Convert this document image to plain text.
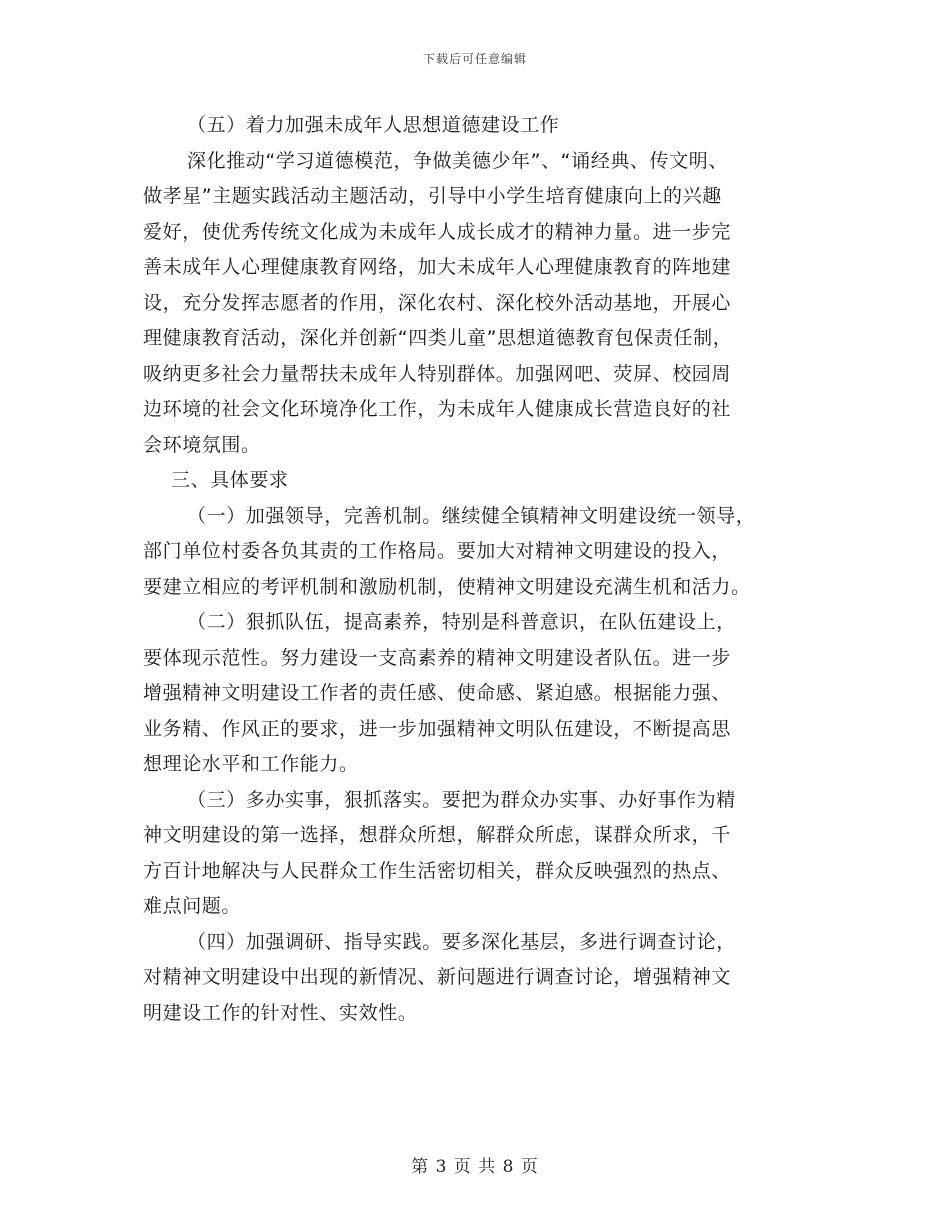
下载后可任意编辑
（五）着力加强未成年人思想道德建设工作
深化推动“学习道德模范，争做美德少年”、“诵经典、传文明、
做孝星”主题实践活动主题活动，引导中小学生培育健康向上的兴趣
爱好，使优秀传统文化成为未成年人成长成才的精神力量。进一步完
善未成年人心理健康教育网络，加大未成年人心理健康教育的阵地建
设，充分发挥志愿者的作用，深化农村、深化校外活动基地，开展心
理健康教育活动，深化并创新“四类儿童”思想道德教育包保责任制，
吸纳更多社会力量帮扶未成年人特别群体。加强网吧、荧屏、校园周
边环境的社会文化环境净化工作，为未成年人健康成长营造良好的社
会环境氛围。
三、具体要求
（一）加强领导，完善机制。继续健全镇精神文明建设统一领导，
部门单位村委各负其责的工作格局。要加大对精神文明建设的投入，
要建立相应的考评机制和激励机制，使精神文明建设充满生机和活力。
（二）狠抓队伍，提高素养，特别是科普意识，在队伍建设上，
要体现示范性。努力建设一支高素养的精神文明建设者队伍。进一步
增强精神文明建设工作者的责任感、使命感、紧迫感。根据能力强、
业务精、作风正的要求，进一步加强精神文明队伍建设，不断提高思
想理论水平和工作能力。
（三）多办实事，狠抓落实。要把为群众办实事、办好事作为精
神文明建设的第一选择，想群众所想，解群众所虑，谋群众所求，千
方百计地解决与人民群众工作生活密切相关，群众反映强烈的热点、
难点问题。
（四）加强调研、指导实践。要多深化基层，多进行调查讨论，
对精神文明建设中出现的新情况、新问题进行调查讨论，增强精神文
明建设工作的针对性、实效性。
第 3 页 共 8 页
